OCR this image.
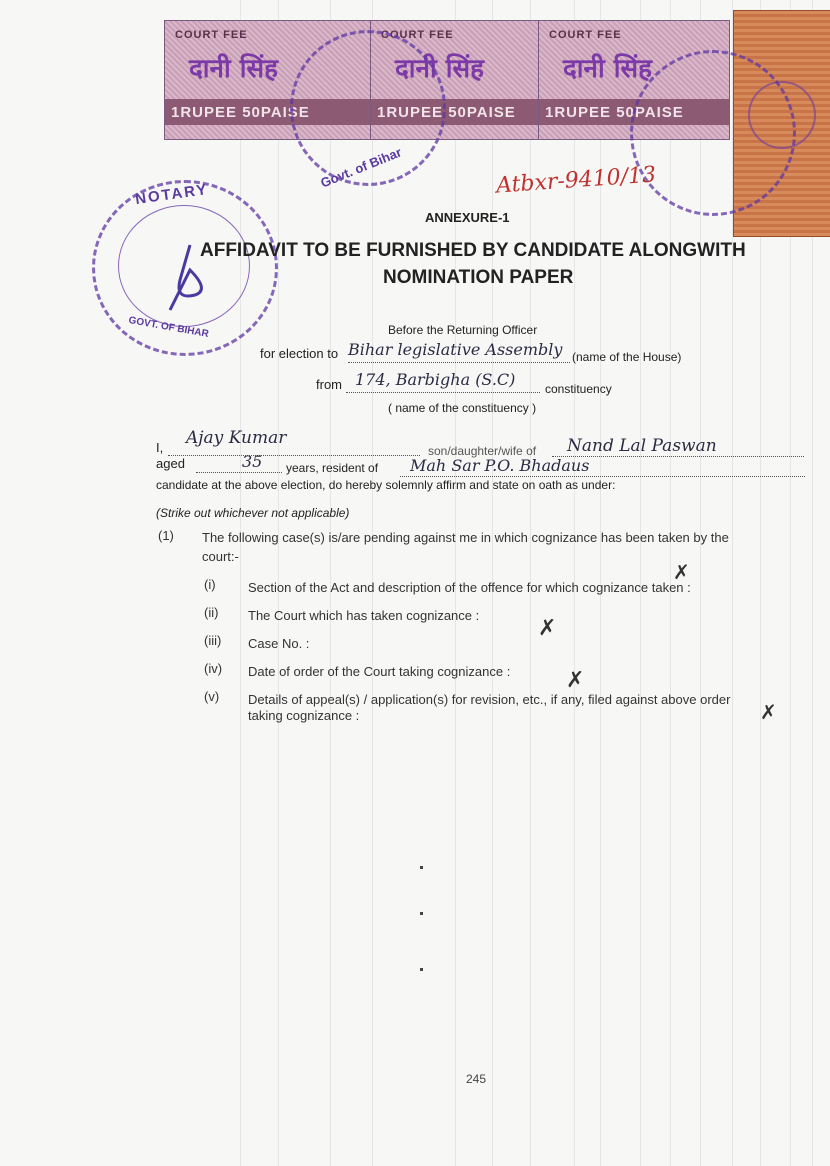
COURT FEE
दानी सिंह
1RUPEE 50PAISE
COURT FEE
दानी सिंह
1RUPEE 50PAISE
COURT FEE
दानी सिंह
1RUPEE 50PAISE
Govt. of Bihar
NOTARY
GOVT. OF BIHAR
Atbxr-9410/13
ANNEXURE-1
AFFIDAVIT TO BE FURNISHED BY CANDIDATE ALONGWITH
NOMINATION PAPER
Before the Returning Officer
for election to Bihar legislative Assembly (name of the House)
from 174, Barbigha (S.C) constituency
( name of the constituency )
I, Ajay Kumar
son/daughter/wife of Nand Lal Paswan
aged	35 years, resident of Mah Sar P.O. Bhadaus
candidate at the above election, do hereby solemnly affirm and state on oath as under:
(Strike out whichever not applicable)
(1) The following case(s) is/are pending against me in which cognizance has been taken by the
court:-
(i) Section of the Act and description of the offence for which cognizance taken :
(ii) The Court which has taken cognizance :
(iii) Case No. :
(iv) Date of order of the Court taking cognizance :
(v) Details of appeal(s) / application(s) for revision, etc., if any, filed against above order
taking cognizance :
✗
✗
✗
✗
245
